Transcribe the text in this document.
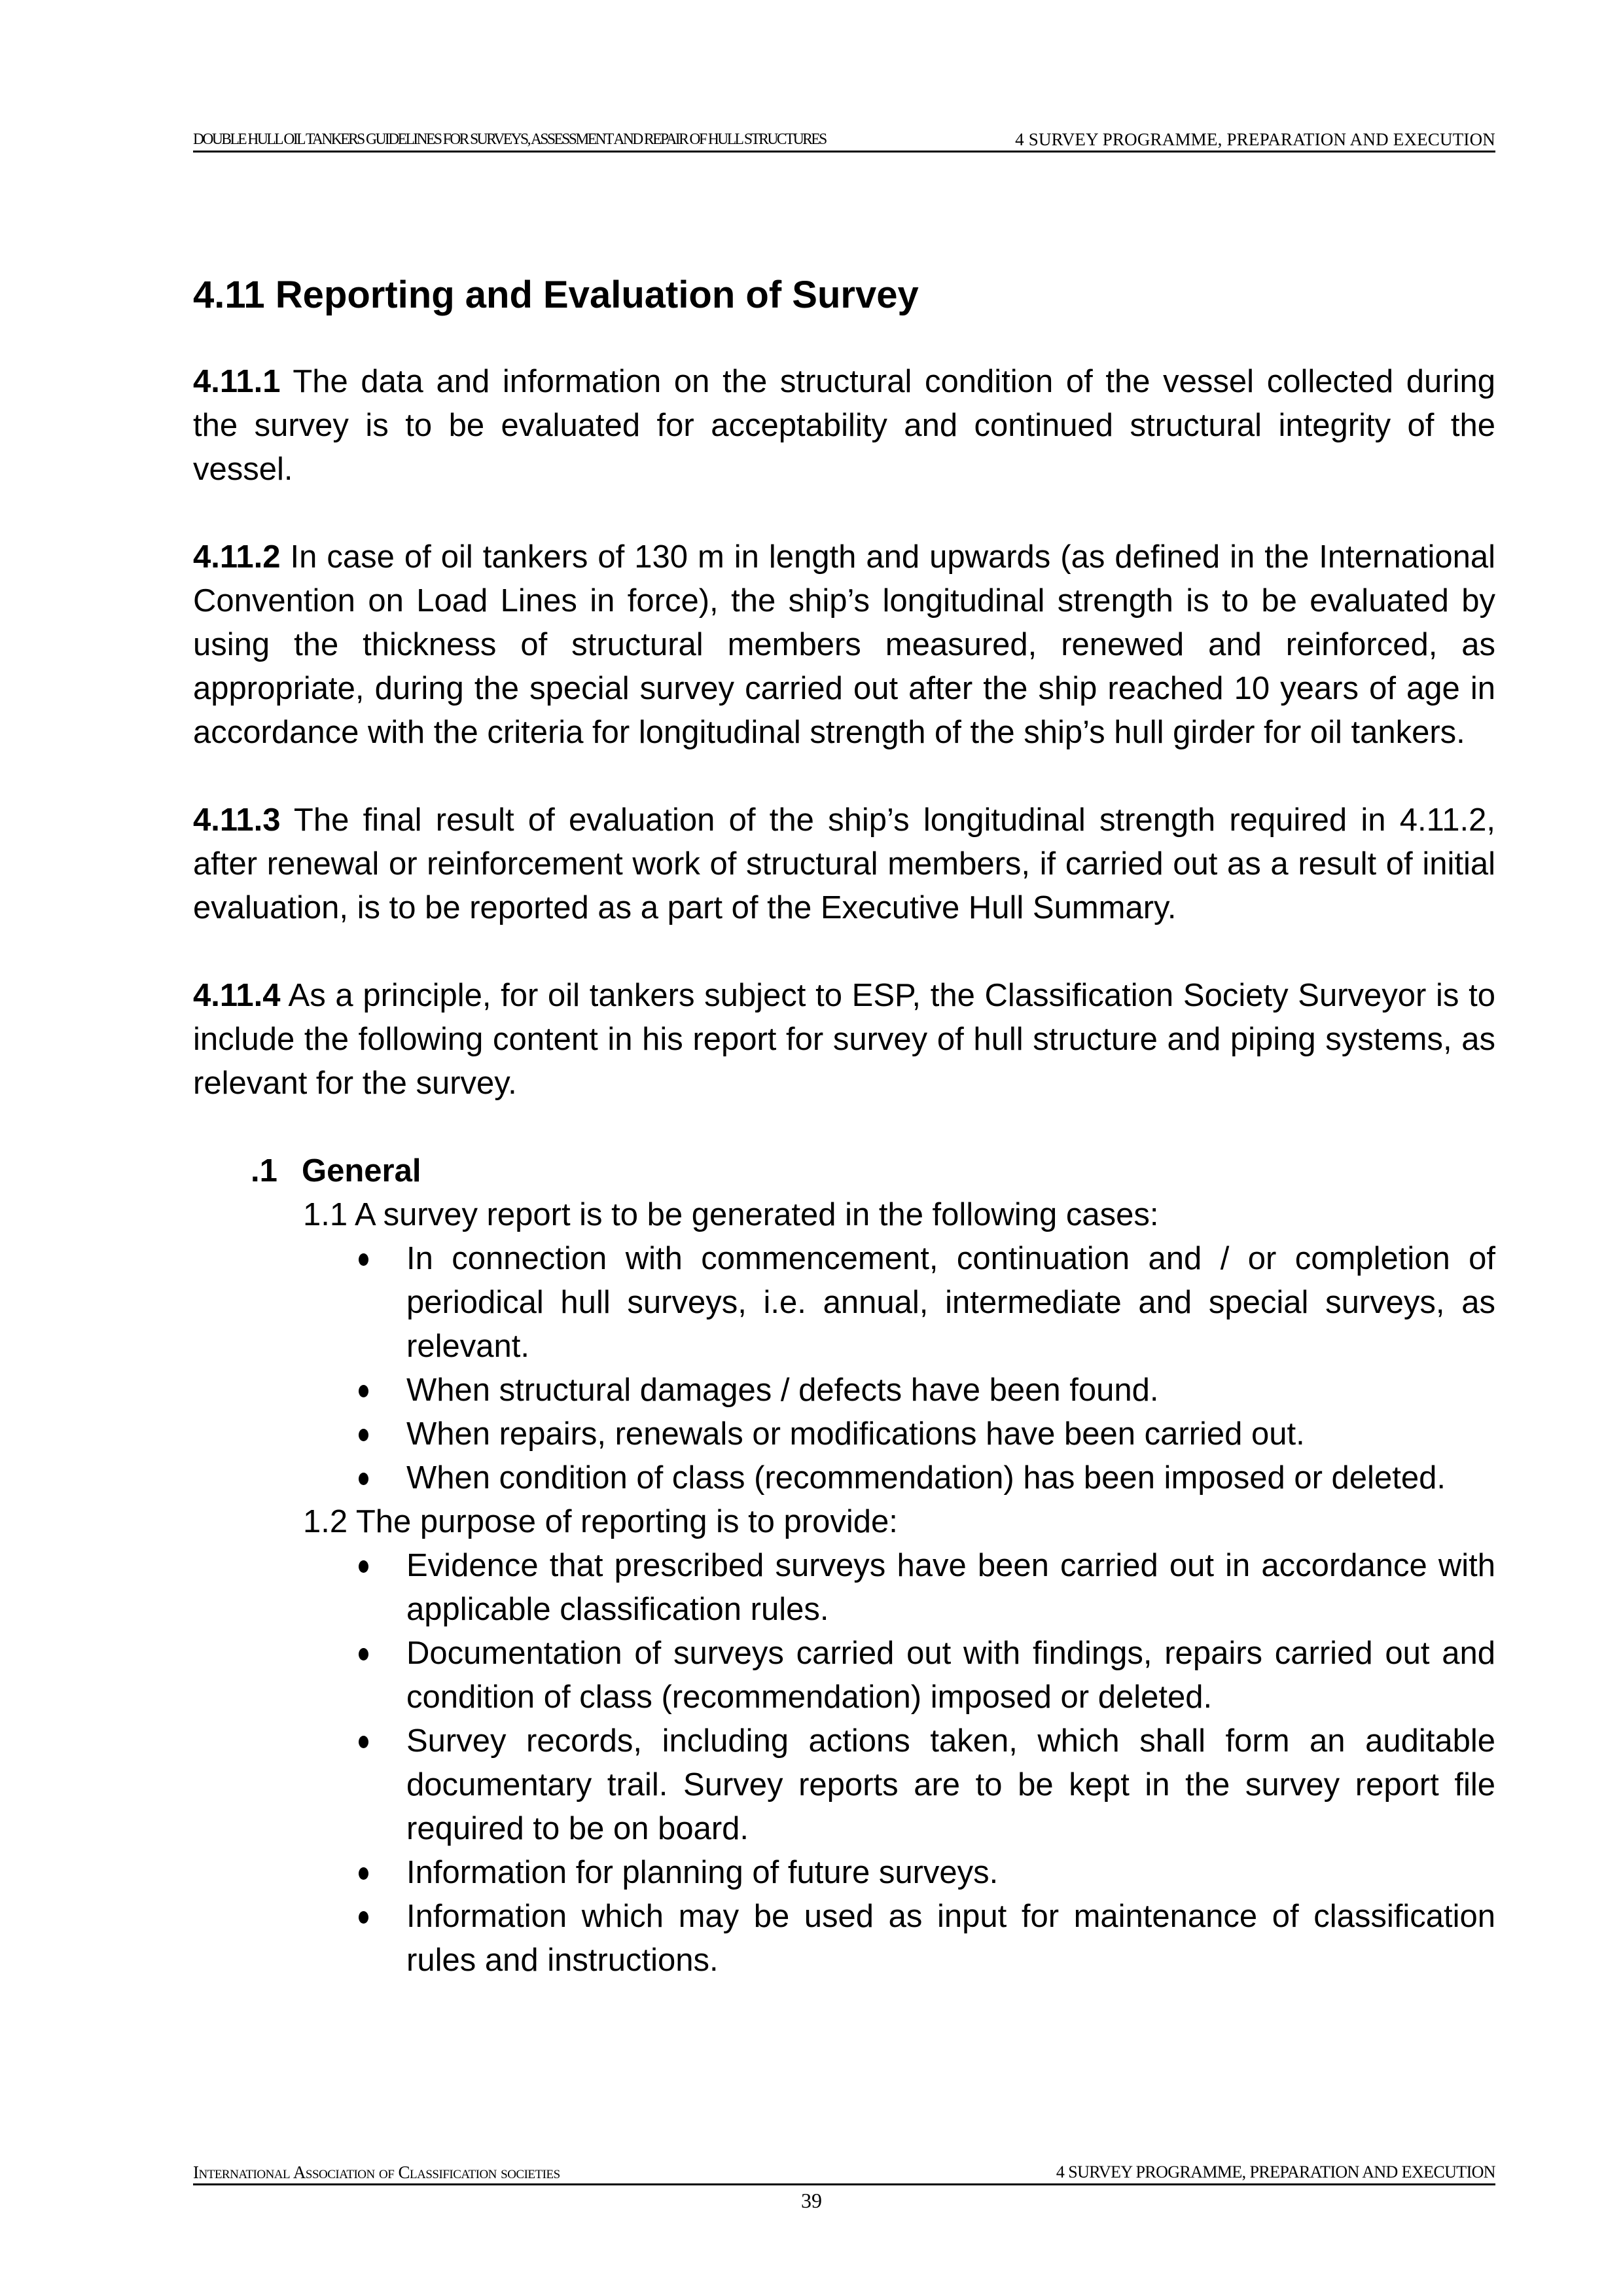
DOUBLE HULL OIL TANKERS GUIDELINES FOR SURVEYS, ASSESSMENT AND REPAIR OF HULL STRUCTURES	4 SURVEY PROGRAMME, PREPARATION AND EXECUTION
4.11 Reporting and Evaluation of Survey

4.11.1 The data and information on the structural condition of the vessel collected during the survey is to be evaluated for acceptability and continued structural integrity of the vessel.

4.11.2 In case of oil tankers of 130 m in length and upwards (as defined in the International Convention on Load Lines in force), the ship’s longitudinal strength is to be evaluated by using the thickness of structural members measured, renewed and reinforced, as appropriate, during the special survey carried out after the ship reached 10 years of age in accordance with the criteria for longitudinal strength of the ship’s hull girder for oil tankers.

4.11.3 The final result of evaluation of the ship’s longitudinal strength required in 4.11.2, after renewal or reinforcement work of structural members, if carried out as a result of initial evaluation, is to be reported as a part of the Executive Hull Summary.

4.11.4 As a principle, for oil tankers subject to ESP, the Classification Society Surveyor is to include the following content in his report for survey of hull structure and piping systems, as relevant for the survey.

.1 General
1.1 A survey report is to be generated in the following cases:
In connection with commencement, continuation and / or completion of periodical hull surveys, i.e. annual, intermediate and special surveys, as relevant.
When structural damages / defects have been found.
When repairs, renewals or modifications have been carried out.
When condition of class (recommendation) has been imposed or deleted.
1.2 The purpose of reporting is to provide:
Evidence that prescribed surveys have been carried out in accordance with applicable classification rules.
Documentation of surveys carried out with findings, repairs carried out and condition of class (recommendation) imposed or deleted.
Survey records, including actions taken, which shall form an auditable documentary trail. Survey reports are to be kept in the survey report file required to be on board.
Information for planning of future surveys.
Information which may be used as input for maintenance of classification rules and instructions.
International Association of Classification societies	4 SURVEY PROGRAMME, PREPARATION AND EXECUTION
39
